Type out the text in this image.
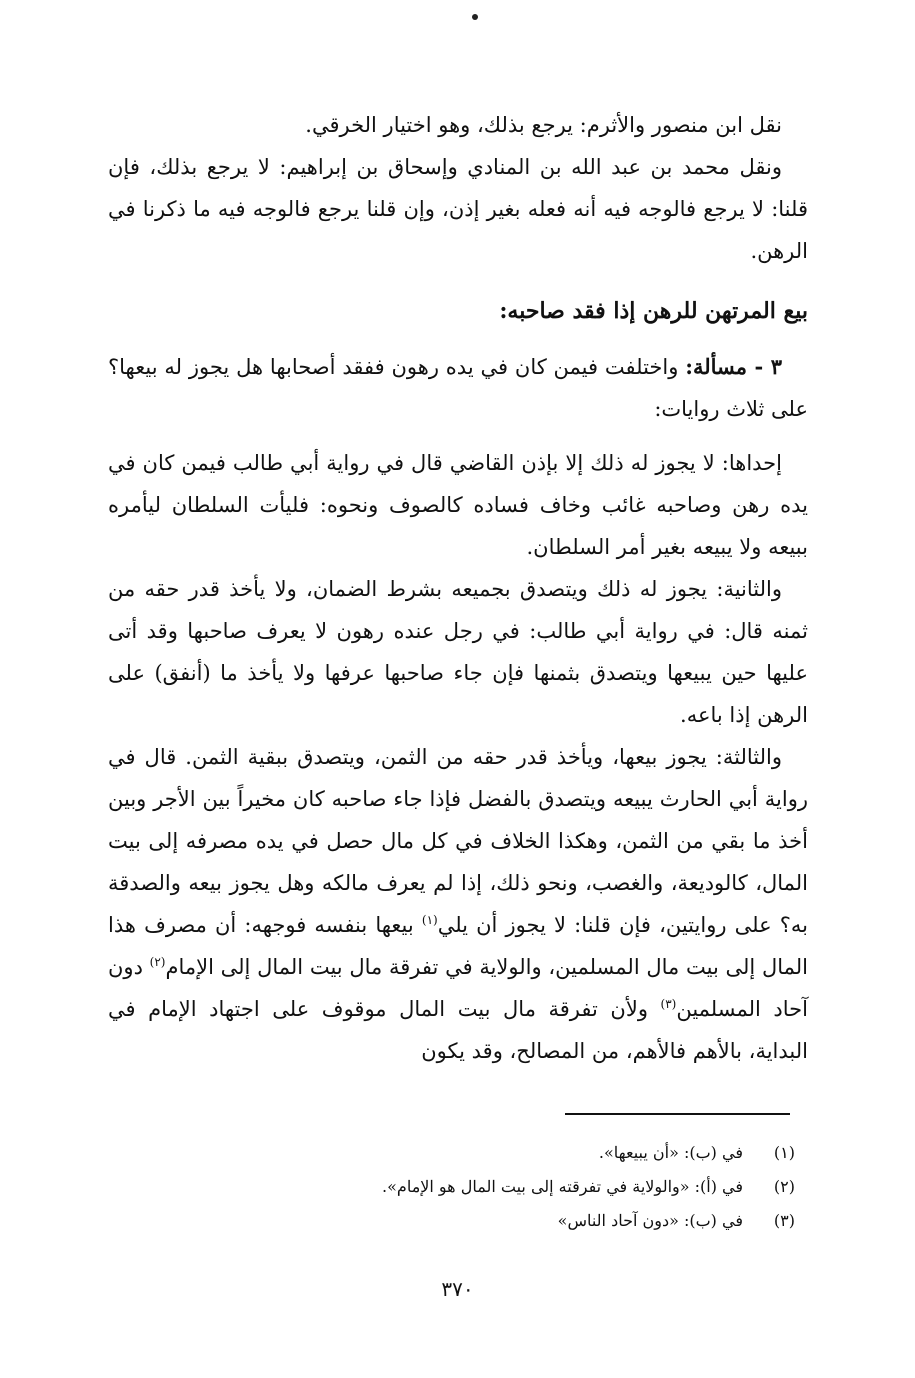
نقل ابن منصور والأثرم: يرجع بذلك، وهو اختيار الخرقي.

ونقل محمد بن عبد الله بن المنادي وإسحاق بن إبراهيم: لا يرجع بذلك، فإن قلنا: لا يرجع فالوجه فيه أنه فعله بغير إذن، وإن قلنا يرجع فالوجه فيه ما ذكرنا في الرهن.

بيع المرتهن للرهن إذا فقد صاحبه:

٣ - مسألة: واختلفت فيمن كان في يده رهون ففقد أصحابها هل يجوز له بيعها؟ على ثلاث روايات:

إحداها: لا يجوز له ذلك إلا بإذن القاضي قال في رواية أبي طالب فيمن كان في يده رهن وصاحبه غائب وخاف فساده كالصوف ونحوه: فليأت السلطان ليأمره ببيعه ولا يبيعه بغير أمر السلطان.

والثانية: يجوز له ذلك ويتصدق بجميعه بشرط الضمان، ولا يأخذ قدر حقه من ثمنه قال: في رواية أبي طالب: في رجل عنده رهون لا يعرف صاحبها وقد أتى عليها حين يبيعها ويتصدق بثمنها فإن جاء صاحبها عرفها ولا يأخذ ما (أنفق) على الرهن إذا باعه.

والثالثة: يجوز بيعها، ويأخذ قدر حقه من الثمن، ويتصدق ببقية الثمن. قال في رواية أبي الحارث يبيعه ويتصدق بالفضل فإذا جاء صاحبه كان مخيراً بين الأجر وبين أخذ ما بقي من الثمن، وهكذا الخلاف في كل مال حصل في يده مصرفه إلى بيت المال، كالوديعة، والغصب، ونحو ذلك، إذا لم يعرف مالكه وهل يجوز بيعه والصدقة به؟ على روايتين، فإن قلنا: لا يجوز أن يلي$^{(١)}$ بيعها بنفسه فوجهه: أن مصرف هذا المال إلى بيت مال المسلمين، والولاية في تفرقة مال بيت المال إلى الإمام$^{(٢)}$ دون آحاد المسلمين$^{(٣)}$ ولأن تفرقة مال بيت المال موقوف على اجتهاد الإمام في البداية، بالأهم فالأهم، من المصالح، وقد يكون

(١)
في (ب): «أن يبيعها».
(٢)
في (أ): «والولاية في تفرقته إلى بيت المال هو الإمام».
(٣)
في (ب): «دون آحاد الناس»
٣٧٠
